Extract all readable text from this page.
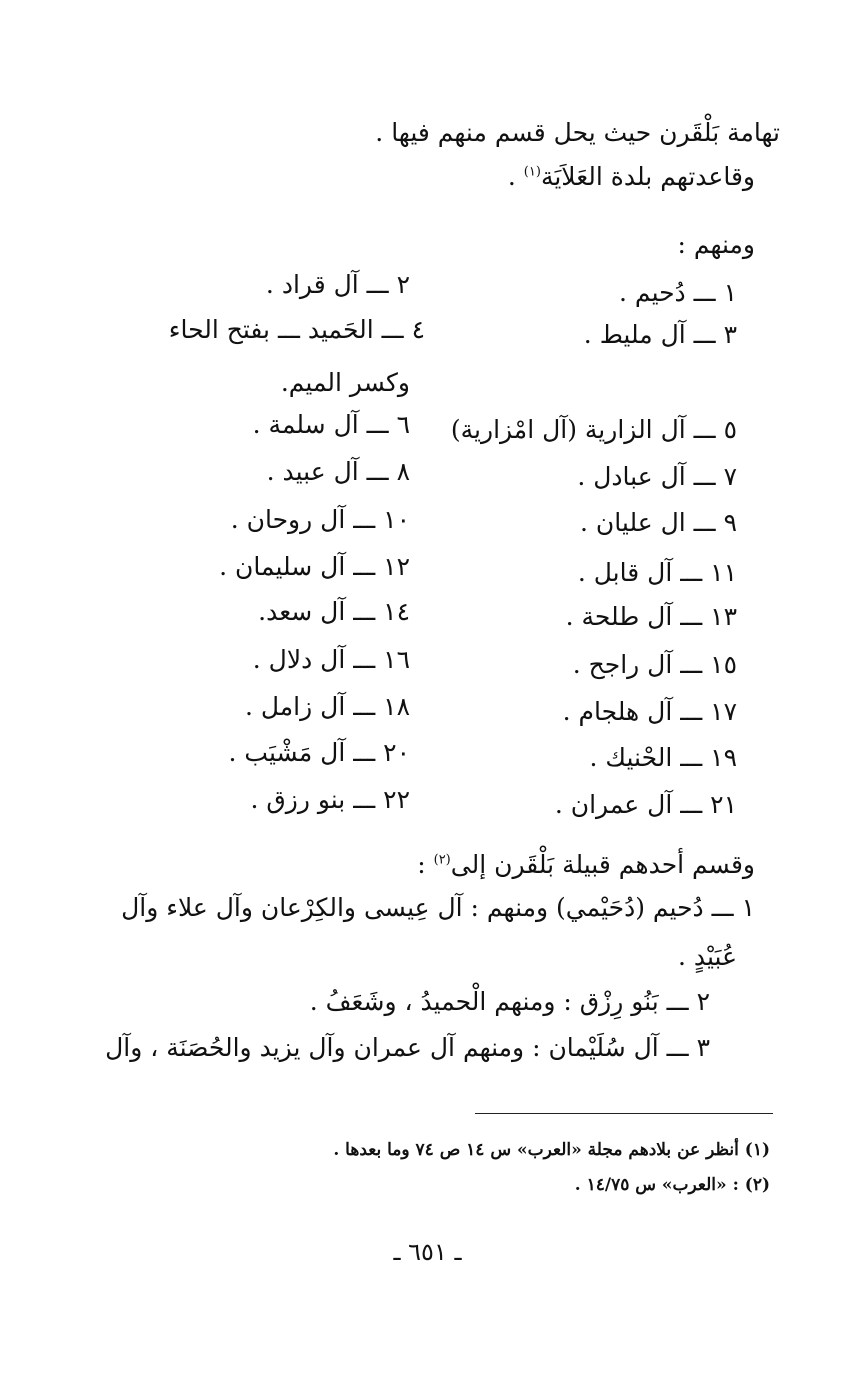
تهامة بَلْقَرن حيث يحل قسم منهم فيها .
وقاعدتهم بلدة العَلاَيَة$^{(١)}$ .
ومنهم :
١ ـــ دُحيم .
٢ ـــ آل قراد .
٣ ـــ آل مليط .
٤ ـــ الحَميد ـــ بفتح الحاء
وكسر الميم.
٥ ـــ آل الزارية (آل امْزارية)
٦ ـــ آل سلمة .
٧ ـــ آل عبادل .
٨ ـــ آل عبيد .
٩ ـــ ال عليان .
١٠ ـــ آل روحان .
١١ ـــ آل قابل .
١٢ ـــ آل سليمان .
١٣ ـــ آل طلحة .
١٤ ـــ آل سعد.
١٥ ـــ آل راجح .
١٦ ـــ آل دلال .
١٧ ـــ آل هلجام .
١٨ ـــ آل زامل .
١٩ ـــ الحْنيك .
٢٠ ـــ آل مَشْيَب .
٢١ ـــ آل عمران .
٢٢ ـــ بنو رزق .
وقسم أحدهم قبيلة بَلْقَرن إلى$^{(٢)}$ :
١ ـــ دُحيم (دُحَيْمي) ومنهم : آل عِيسى والكِرْعان وآل علاء وآل
عُبَيْدٍ .
٢ ـــ بَنُو رِزْق : ومنهم الْحميدُ ، وشَعَفُ .
٣ ـــ آل سُلَيْمان : ومنهم آل عمران وآل يزيد والحُصَنَة ، وآل
(١) أنظر عن بلادهم مجلة «العرب» س ١٤ ص ٧٤ وما بعدها .
(٢) : «العرب» س ١٤/٧٥ .
ـ ٦٥١ ـ
